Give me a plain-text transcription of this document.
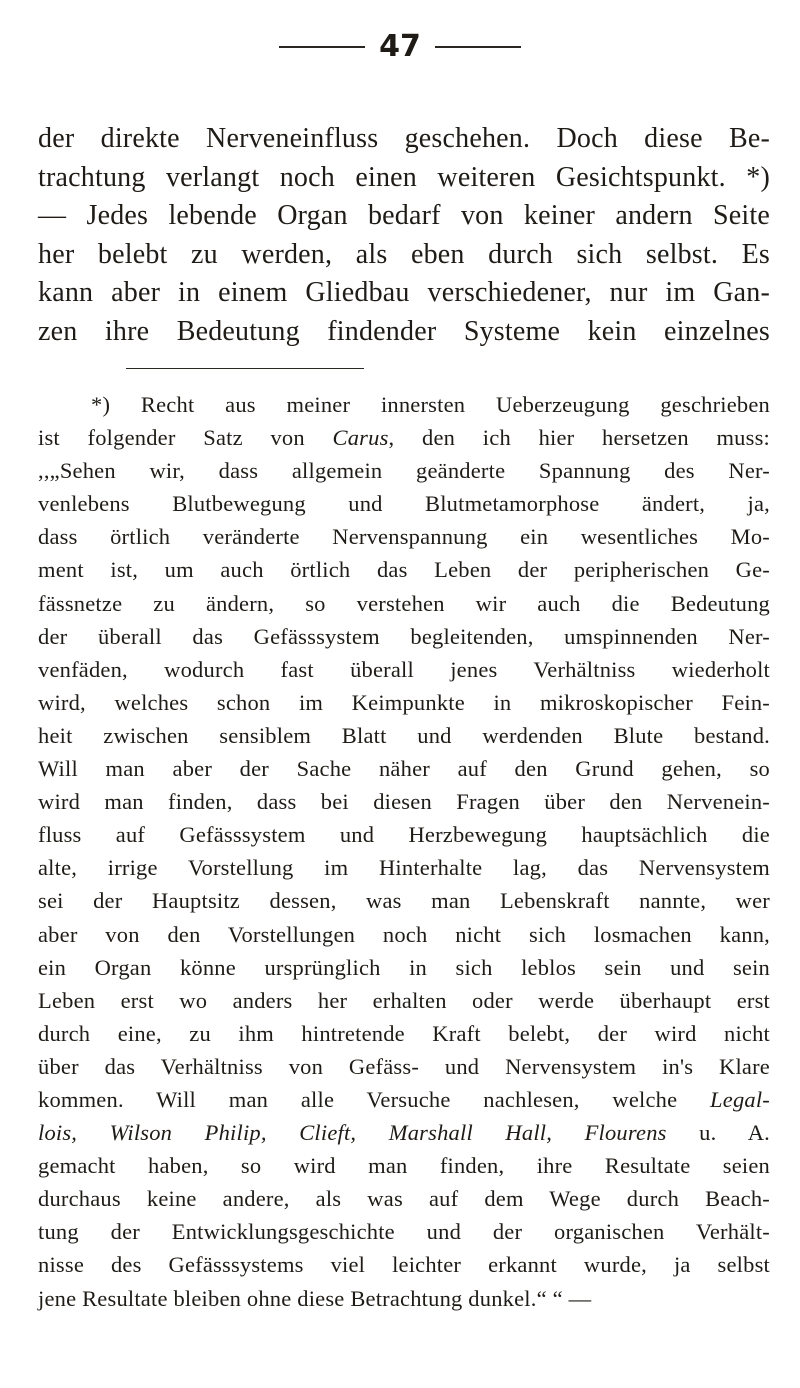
47
der direkte Nerveneinfluss geschehen. Doch diese Be-
trachtung verlangt noch einen weiteren Gesichtspunkt. *)
— Jedes lebende Organ bedarf von keiner andern Seite
her belebt zu werden, als eben durch sich selbst. Es
kann aber in einem Gliedbau verschiedener, nur im Gan-
zen ihre Bedeutung findender Systeme kein einzelnes
*) Recht aus meiner innersten Ueberzeugung geschrieben
ist folgender Satz von Carus, den ich hier hersetzen muss:
,,„Sehen wir, dass allgemein geänderte Spannung des Ner-
venlebens Blutbewegung und Blutmetamorphose ändert, ja,
dass örtlich veränderte Nervenspannung ein wesentliches Mo-
ment ist, um auch örtlich das Leben der peripherischen Ge-
fässnetze zu ändern, so verstehen wir auch die Bedeutung
der überall das Gefässsystem begleitenden, umspinnenden Ner-
venfäden, wodurch fast überall jenes Verhältniss wiederholt
wird, welches schon im Keimpunkte in mikroskopischer Fein-
heit zwischen sensiblem Blatt und werdenden Blute bestand.
Will man aber der Sache näher auf den Grund gehen, so
wird man finden, dass bei diesen Fragen über den Nervenein-
fluss auf Gefässsystem und Herzbewegung hauptsächlich die
alte, irrige Vorstellung im Hinterhalte lag, das Nervensystem
sei der Hauptsitz dessen, was man Lebenskraft nannte, wer
aber von den Vorstellungen noch nicht sich losmachen kann,
ein Organ könne ursprünglich in sich leblos sein und sein
Leben erst wo anders her erhalten oder werde überhaupt erst
durch eine, zu ihm hintretende Kraft belebt, der wird nicht
über das Verhältniss von Gefäss- und Nervensystem in's Klare
kommen. Will man alle Versuche nachlesen, welche Legal-
lois, Wilson Philip, Clieft, Marshall Hall, Flourens u. A.
gemacht haben, so wird man finden, ihre Resultate seien
durchaus keine andere, als was auf dem Wege durch Beach-
tung der Entwicklungsgeschichte und der organischen Verhält-
nisse des Gefässsystems viel leichter erkannt wurde, ja selbst
jene Resultate bleiben ohne diese Betrachtung dunkel.“ “ —
